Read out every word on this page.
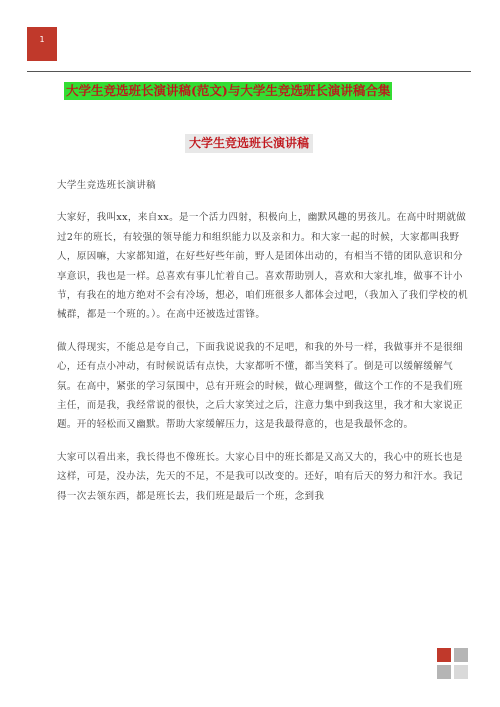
1
大学生竞选班长演讲稿(范文)与大学生竞选班长演讲稿合集
大学生竞选班长演讲稿

大学生竞选班长演讲稿

大家好，我叫xx，来自xx。是一个活力四射，积极向上，幽默风趣的男孩儿。在高中时期就做过2年的班长，有较强的领导能力和组织能力以及亲和力。和大家一起的时候，大家都叫我野人，原因嘛，大家都知道，在好些好些年前，野人是团体出动的，有相当不错的团队意识和分享意识，我也是一样。总喜欢有事儿忙着自己。喜欢帮助别人，喜欢和大家扎堆，做事不计小节，有我在的地方绝对不会有冷场，想必，咱们班很多人都体会过吧，（我加入了我们学校的机械群，都是一个班的。）。在高中还被选过雷锋。

做人得现实，不能总是夸自己，下面我说说我的不足吧，和我的外号一样，我做事并不是很细心，还有点小冲动，有时候说话有点快，大家都听不懂，都当笑料了。倒是可以缓解缓解气氛。在高中，紧张的学习氛围中，总有开班会的时候，做心理调整，做这个工作的不是我们班主任，而是我，我经常说的很快，之后大家笑过之后，注意力集中到我这里，我才和大家说正题。开的轻松而又幽默。帮助大家缓解压力，这是我最得意的，也是我最怀念的。

大家可以看出来，我长得也不像班长。大家心目中的班长都是又高又大的，我心中的班长也是这样，可是，没办法，先天的不足，不是我可以改变的。还好，咱有后天的努力和汗水。我记得一次去领东西，都是班长去，我们班是最后一个班，念到我
